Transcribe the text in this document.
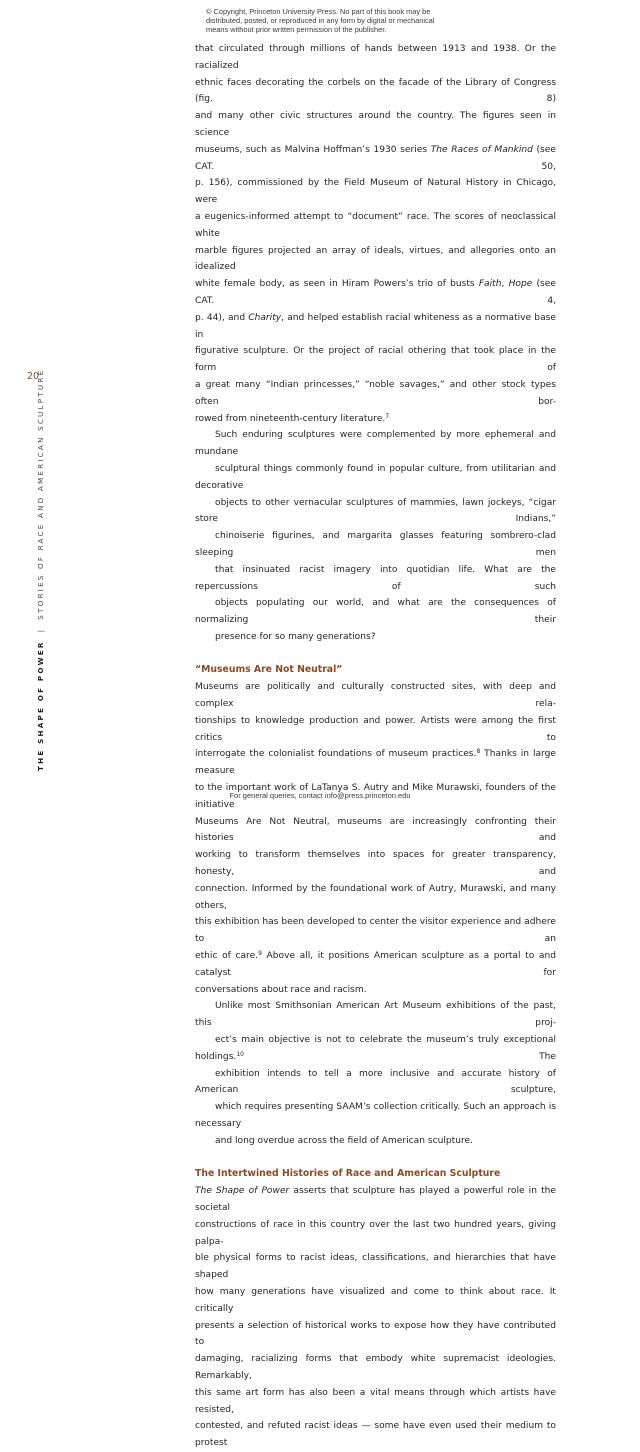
© Copyright, Princeton University Press. No part of this book may be
distributed, posted, or reproduced in any form by digital or mechanical
means without prior written permission of the publisher.
20
THE SHAPE OF POWER|STORIES OF RACE AND AMERICAN SCULPTURE

that circulated through millions of hands between 1913 and 1938. Or the racialized
ethnic faces decorating the corbels on the facade of the Library of Congress (fig. 8)
and many other civic structures around the country. The figures seen in science
museums, such as Malvina Hoffman’s 1930 series The Races of Mankind (see CAT. 50,
p. 156), commissioned by the Field Museum of Natural History in Chicago, were
a eugenics-informed attempt to “document” race. The scores of neoclassical white
marble figures projected an array of ideals, virtues, and allegories onto an idealized
white female body, as seen in Hiram Powers’s trio of busts Faith, Hope (see CAT. 4,
p. 44), and Charity, and helped establish racial whiteness as a normative base in
figurative sculpture. Or the project of racial othering that took place in the form of
a great many “Indian princesses,” “noble savages,” and other stock types often bor-
rowed from nineteenth-century literature.$^7$

Such enduring sculptures were complemented by more ephemeral and mundane
sculptural things commonly found in popular culture, from utilitarian and decorative
objects to other vernacular sculptures of mammies, lawn jockeys, “cigar store Indians,”
chinoiserie figurines, and margarita glasses featuring sombrero-clad sleeping men
that insinuated racist imagery into quotidian life. What are the repercussions of such
objects populating our world, and what are the consequences of normalizing their
presence for so many generations?

“Museums Are Not Neutral”

Museums are politically and culturally constructed sites, with deep and complex rela-
tionships to knowledge production and power. Artists were among the first critics to
interrogate the colonialist foundations of museum practices.$^8$ Thanks in large measure
to the important work of LaTanya S. Autry and Mike Murawski, founders of the initiative
Museums Are Not Neutral, museums are increasingly confronting their histories and
working to transform themselves into spaces for greater transparency, honesty, and
connection. Informed by the foundational work of Autry, Murawski, and many others,
this exhibition has been developed to center the visitor experience and adhere to an
ethic of care.$^9$ Above all, it positions American sculpture as a portal to and catalyst for
conversations about race and racism.

Unlike most Smithsonian American Art Museum exhibitions of the past, this proj-
ect’s main objective is not to celebrate the museum’s truly exceptional holdings.$^{10}$ The
exhibition intends to tell a more inclusive and accurate history of American sculpture,
which requires presenting SAAM’s collection critically. Such an approach is necessary
and long overdue across the field of American sculpture.

The Intertwined Histories of Race and American Sculpture

The Shape of Power asserts that sculpture has played a powerful role in the societal
constructions of race in this country over the last two hundred years, giving palpa-
ble physical forms to racist ideas, classifications, and hierarchies that have shaped
how many generations have visualized and come to think about race. It critically
presents a selection of historical works to expose how they have contributed to
damaging, racializing forms that embody white supremacist ideologies. Remarkably,
this same art form has also been a vital means through which artists have resisted,
contested, and refuted racist ideas — some have even used their medium to protest

For general queries, contact info@press.princeton.edu
